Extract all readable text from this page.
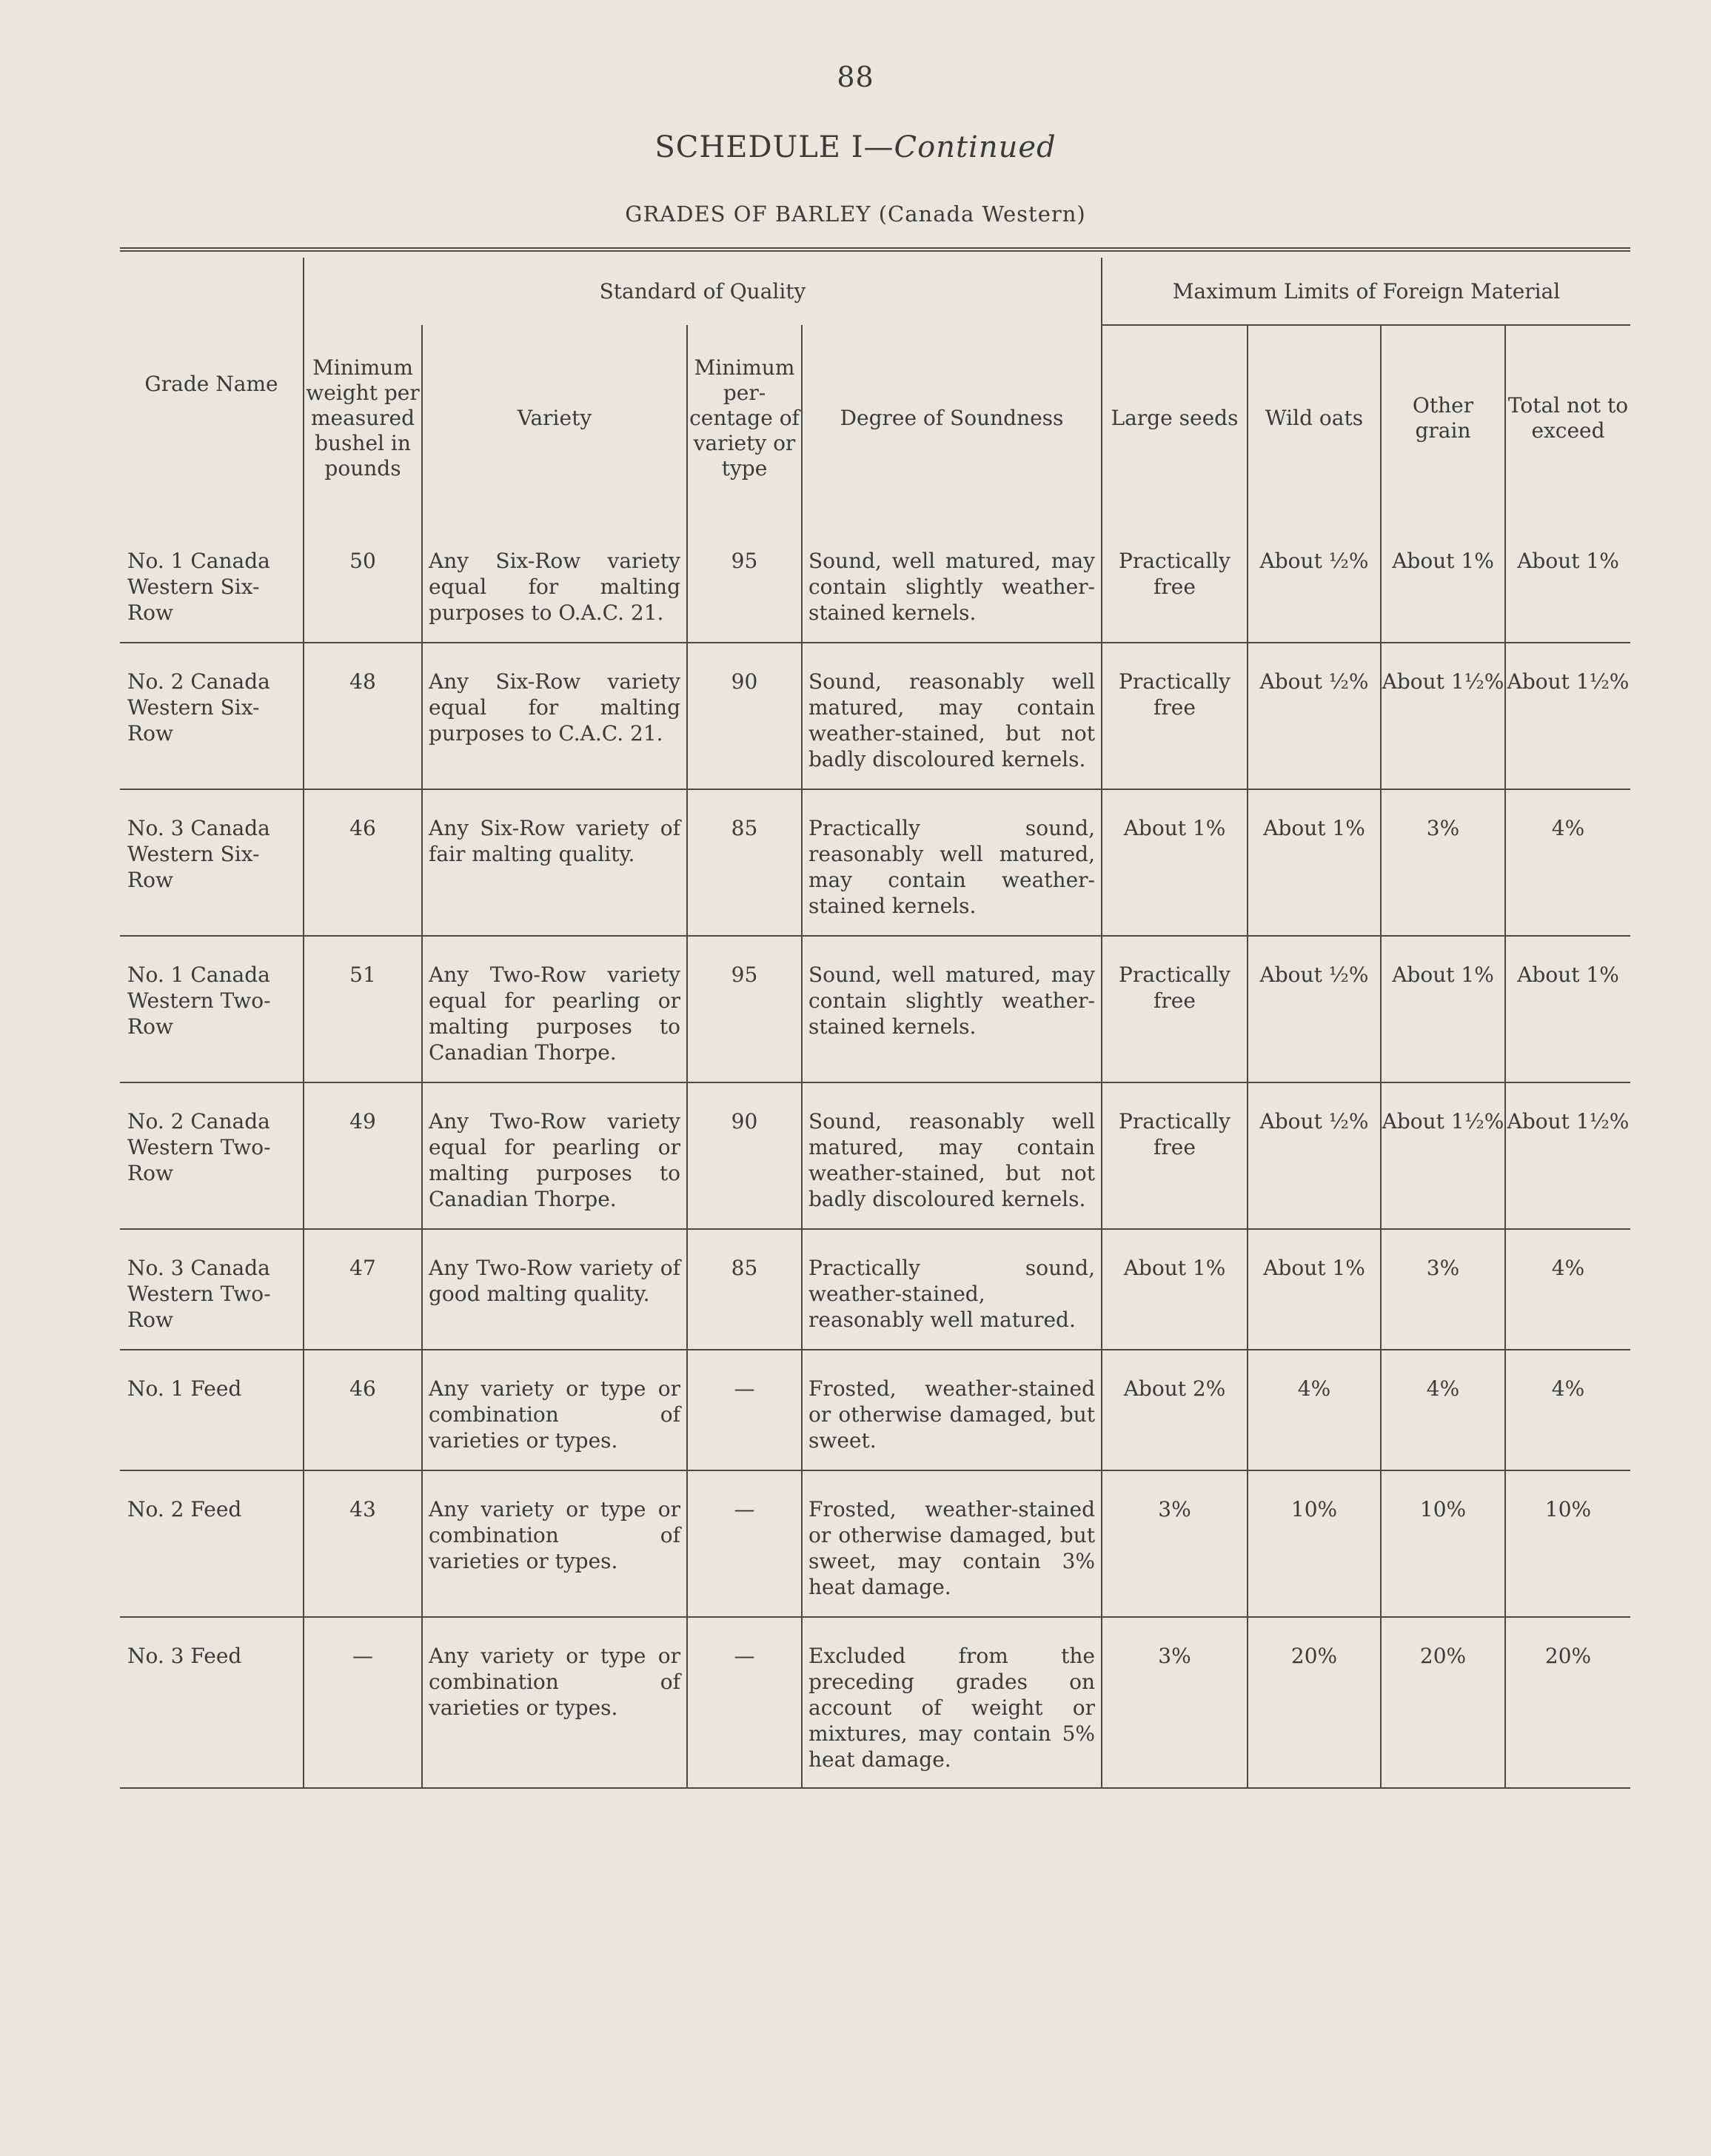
88
SCHEDULE I—Continued
GRADES OF BARLEY (Canada Western)

Grade Name	Standard of Quality				Maximum Limits of Foreign Material			
	Minimum weight per measured bushel in pounds	Variety	Minimum per-centage of variety or type	Degree of Soundness	Large seeds	Wild oats	Other grain	Total not to exceed
No. 1 Canada Western Six-Row	50	Any Six-Row variety equal for malting purposes to O.A.C. 21.	95	Sound, well matured, may contain slightly weather-stained kernels.	Practically free	About ½%	About 1%	About 1%
No. 2 Canada Western Six-Row	48	Any Six-Row variety equal for malting purposes to C.A.C. 21.	90	Sound, reasonably well matured, may contain weather-stained, but not badly discoloured kernels.	Practically free	About ½%	About 1½%	About 1½%
No. 3 Canada Western Six-Row	46	Any Six-Row variety of fair malting quality.	85	Practically sound, reasonably well matured, may contain weather-stained kernels.	About 1%	About 1%	3%	4%
No. 1 Canada Western Two-Row	51	Any Two-Row variety equal for pearling or malting purposes to Canadian Thorpe.	95	Sound, well matured, may contain slightly weather-stained kernels.	Practically free	About ½%	About 1%	About 1%
No. 2 Canada Western Two-Row	49	Any Two-Row variety equal for pearling or malting purposes to Canadian Thorpe.	90	Sound, reasonably well matured, may contain weather-stained, but not badly discoloured kernels.	Practically free	About ½%	About 1½%	About 1½%
No. 3 Canada Western Two-Row	47	Any Two-Row variety of good malting quality.	85	Practically sound, weather-stained, reasonably well matured.	About 1%	About 1%	3%	4%
No. 1 Feed	46	Any variety or type or combination of varieties or types.	—	Frosted, weather-stained or otherwise damaged, but sweet.	About 2%	4%	4%	4%
No. 2 Feed	43	Any variety or type or combination of varieties or types.	—	Frosted, weather-stained or otherwise damaged, but sweet, may contain 3% heat damage.	3%	10%	10%	10%
No. 3 Feed	—	Any variety or type or combination of varieties or types.	—	Excluded from the preceding grades on account of weight or mixtures, may contain 5% heat damage.	3%	20%	20%	20%
